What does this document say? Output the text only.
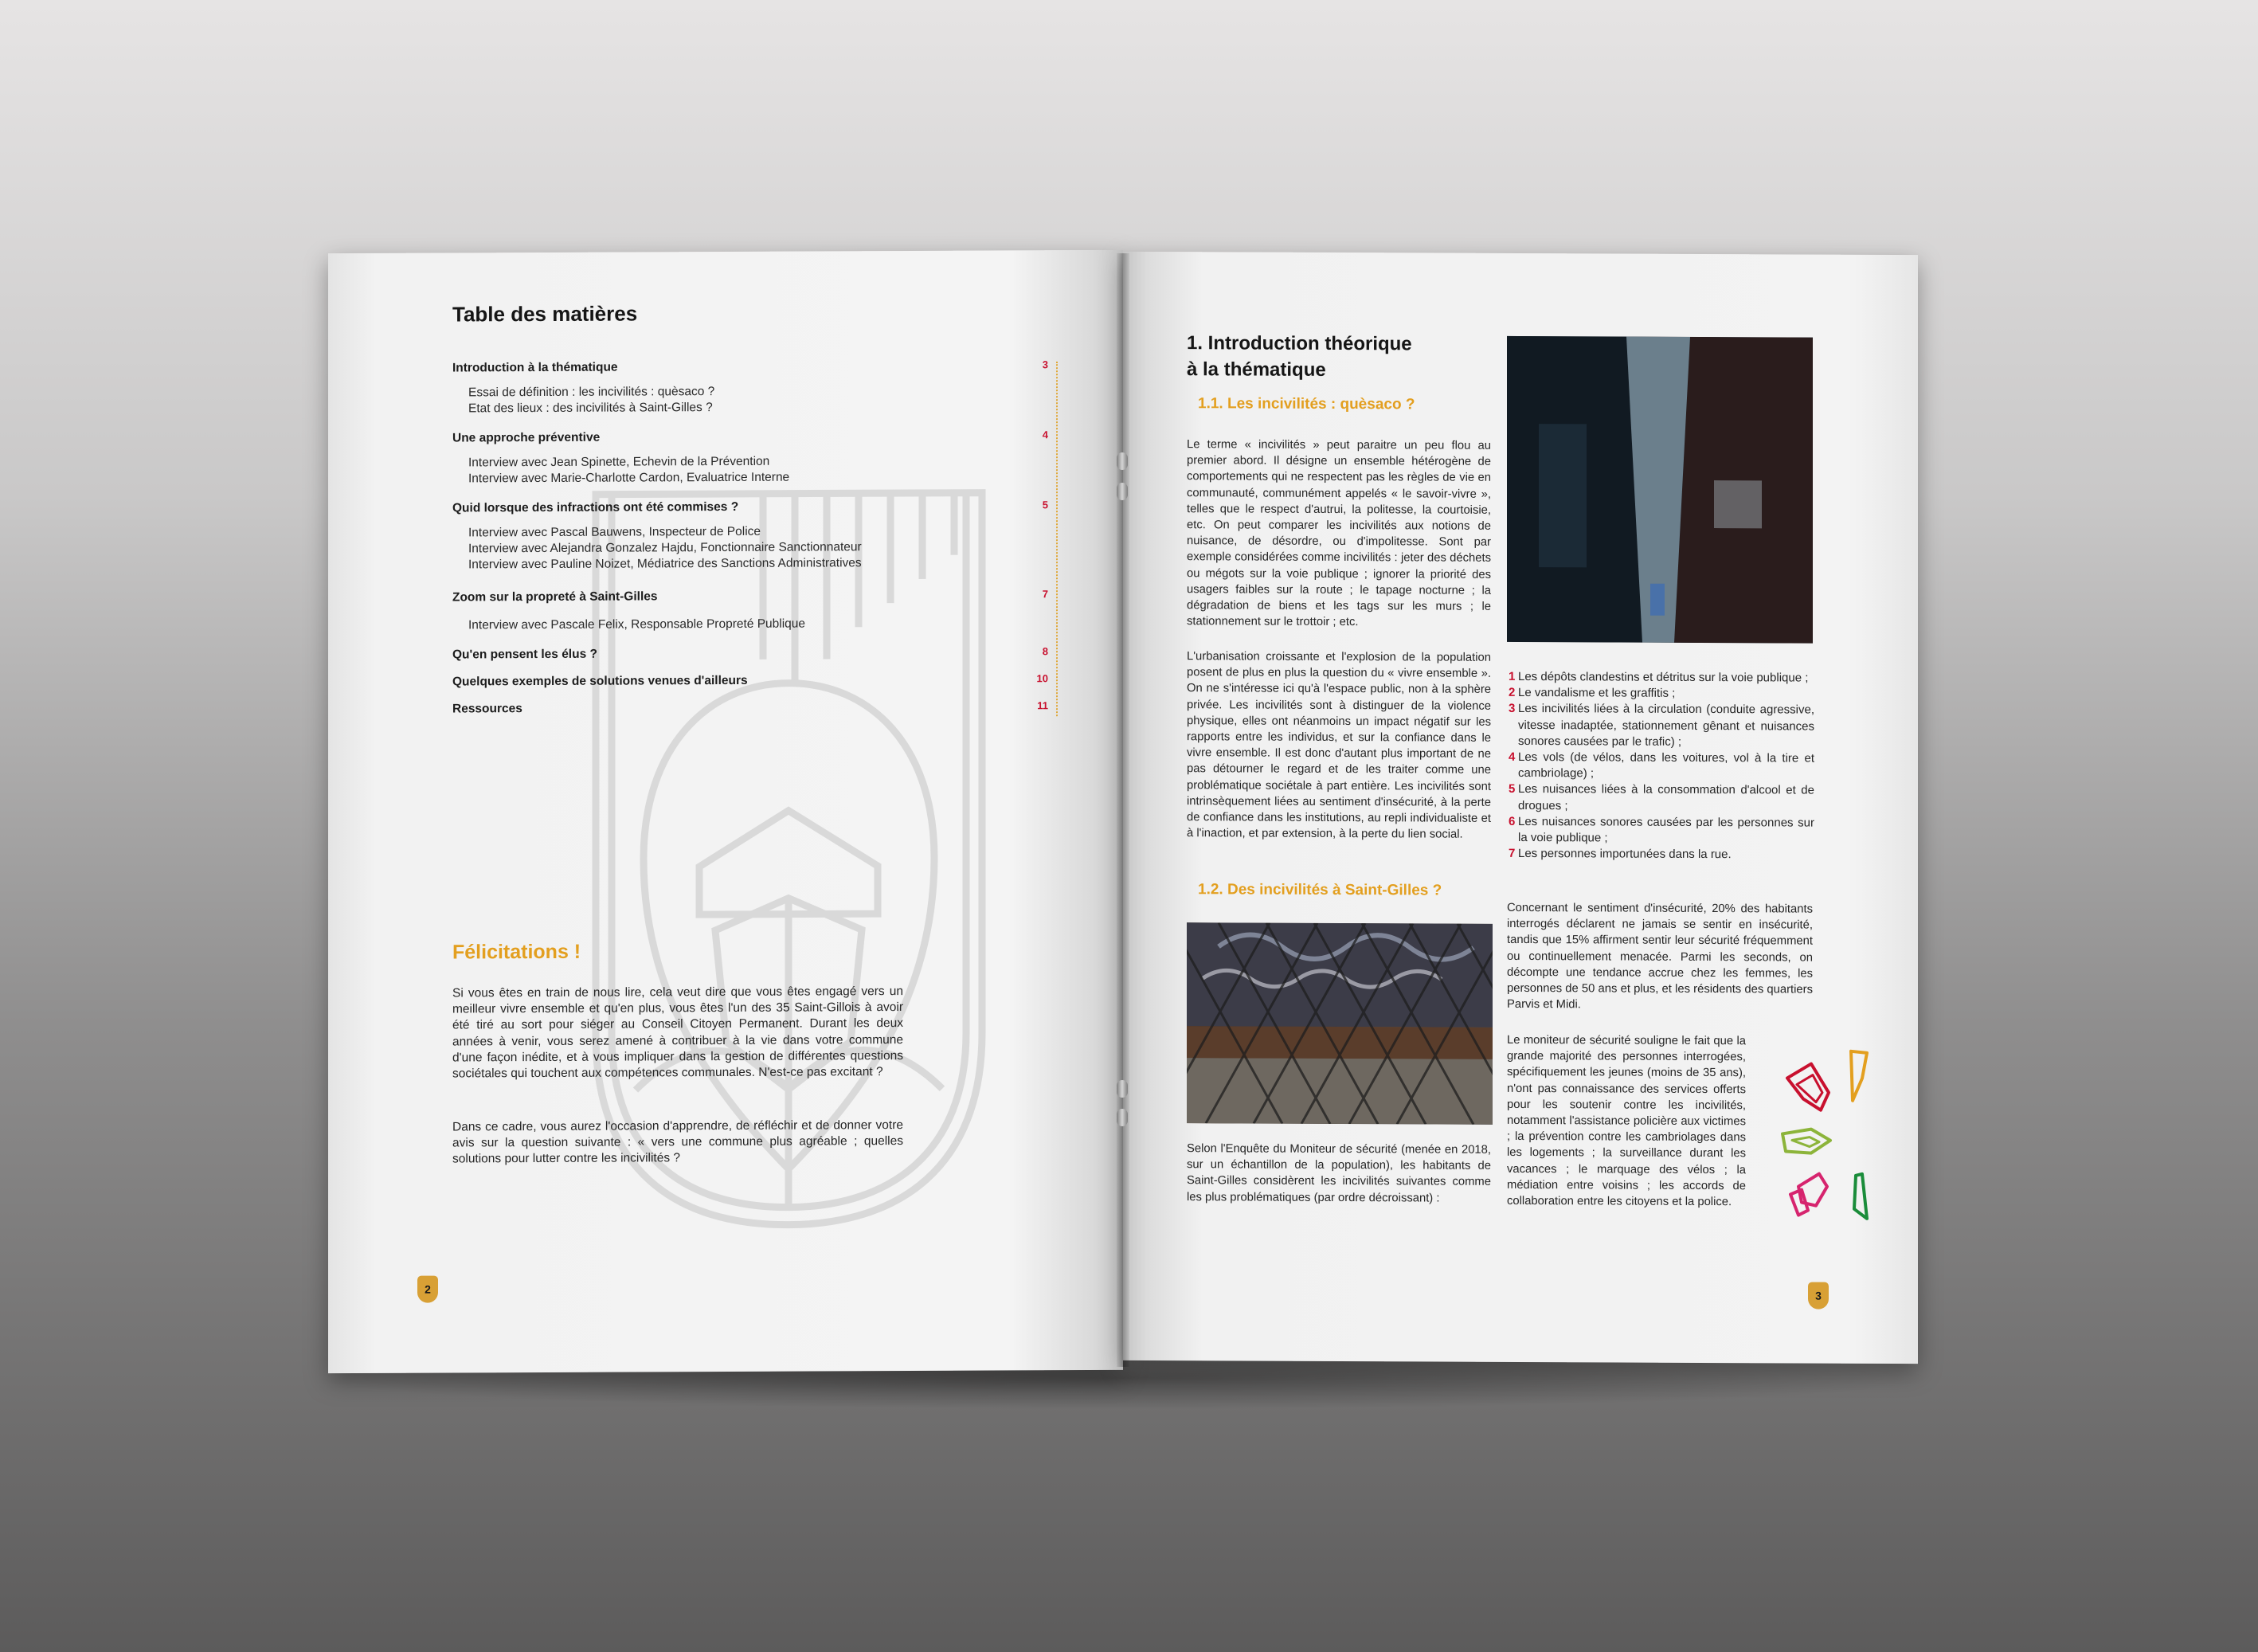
Table des matières
Introduction à la thématique	3
Essai de définition : les incivilités : quèsaco ?
Etat des lieux : des incivilités à Saint-Gilles ?
Une approche préventive	4
Interview avec Jean Spinette, Echevin de la Prévention
Interview avec Marie-Charlotte Cardon, Evaluatrice Interne
Quid lorsque des infractions ont été commises ?	5
Interview avec Pascal Bauwens, Inspecteur de Police
Interview avec Alejandra Gonzalez Hajdu, Fonctionnaire Sanctionnateur
Interview avec Pauline Noizet, Médiatrice des Sanctions Administratives
Zoom sur la propreté à Saint-Gilles	7
Interview avec Pascale Felix, Responsable Propreté Publique
Qu'en pensent les élus ?	8
Quelques exemples de solutions venues d'ailleurs	10
Ressources	11
Félicitations !
Si vous êtes en train de nous lire, cela veut dire que vous êtes engagé vers un meilleur vivre ensemble et qu'en plus, vous êtes l'un des 35 Saint-Gillois à avoir été tiré au sort pour siéger au Conseil Citoyen Permanent. Durant les deux années à venir, vous serez amené à contribuer à la vie dans votre commune d'une façon inédite, et à vous impliquer dans la gestion de différentes questions sociétales qui touchent aux compétences communales. N'est-ce pas excitant ?
Dans ce cadre, vous aurez l'occasion d'apprendre, de réfléchir et de donner votre avis sur la question suivante : « vers une commune plus agréable ; quelles solutions pour lutter contre les incivilités ?
2
1. Introduction théorique
à la thématique
1.1. Les incivilités : quèsaco ?
Le terme « incivilités » peut paraitre un peu flou au premier abord. Il désigne un ensemble hétérogène de comportements qui ne respectent pas les règles de vie en communauté, communément appelés « le savoir-vivre », telles que le respect d'autrui, la politesse, la courtoisie, etc. On peut comparer les incivilités aux notions de nuisance, de désordre, ou d'impolitesse. Sont par exemple considérées comme incivilités : jeter des déchets ou mégots sur la voie publique ; ignorer la priorité des usagers faibles sur la route ; le tapage nocturne ; la dégradation de biens et les tags sur les murs ; le stationnement sur le trottoir ; etc.
L'urbanisation croissante et l'explosion de la population posent de plus en plus la question du « vivre ensemble ». On ne s'intéresse ici qu'à l'espace public, non à la sphère privée. Les incivilités sont à distinguer de la violence physique, elles ont néanmoins un impact négatif sur les rapports entre les individus, et sur la confiance dans le vivre ensemble. Il est donc d'autant plus important de ne pas détourner le regard et de les traiter comme une problématique sociétale à part entière. Les incivilités sont intrinsèquement liées au sentiment d'insécurité, à la perte de confiance dans les institutions, au repli individualiste et à l'inaction, et par extension, à la perte du lien social.
1.2. Des incivilités à Saint-Gilles ?
Selon l'Enquête du Moniteur de sécurité (menée en 2018, sur un échantillon de la population), les habitants de Saint-Gilles considèrent les incivilités suivantes comme les plus problématiques (par ordre décroissant) :
1 Les dépôts clandestins et détritus sur la voie publique ;
2 Le vandalisme et les graffitis ;
3 Les incivilités liées à la circulation (conduite agressive, vitesse inadaptée, stationnement gênant et nuisances sonores causées par le trafic) ;
4 Les vols (de vélos, dans les voitures, vol à la tire et cambriolage) ;
5 Les nuisances liées à la consommation d'alcool et de drogues ;
6 Les nuisances sonores causées par les personnes sur la voie publique ;
7 Les personnes importunées dans la rue.
Concernant le sentiment d'insécurité, 20% des habitants interrogés déclarent ne jamais se sentir en insécurité, tandis que 15% affirment sentir leur sécurité fréquemment ou continuellement menacée. Parmi les seconds, on décompte une tendance accrue chez les femmes, les personnes de 50 ans et plus, et les résidents des quartiers Parvis et Midi.
Le moniteur de sécurité souligne le fait que la grande majorité des personnes interrogées, spécifiquement les jeunes (moins de 35 ans), n'ont pas connaissance des services offerts pour les soutenir contre les incivilités, notamment l'assistance policière aux victimes ; la prévention contre les cambriolages dans les logements ; la surveillance durant les vacances ; le marquage des vélos ; la médiation entre voisins ; les accords de collaboration entre les citoyens et la police.
3
